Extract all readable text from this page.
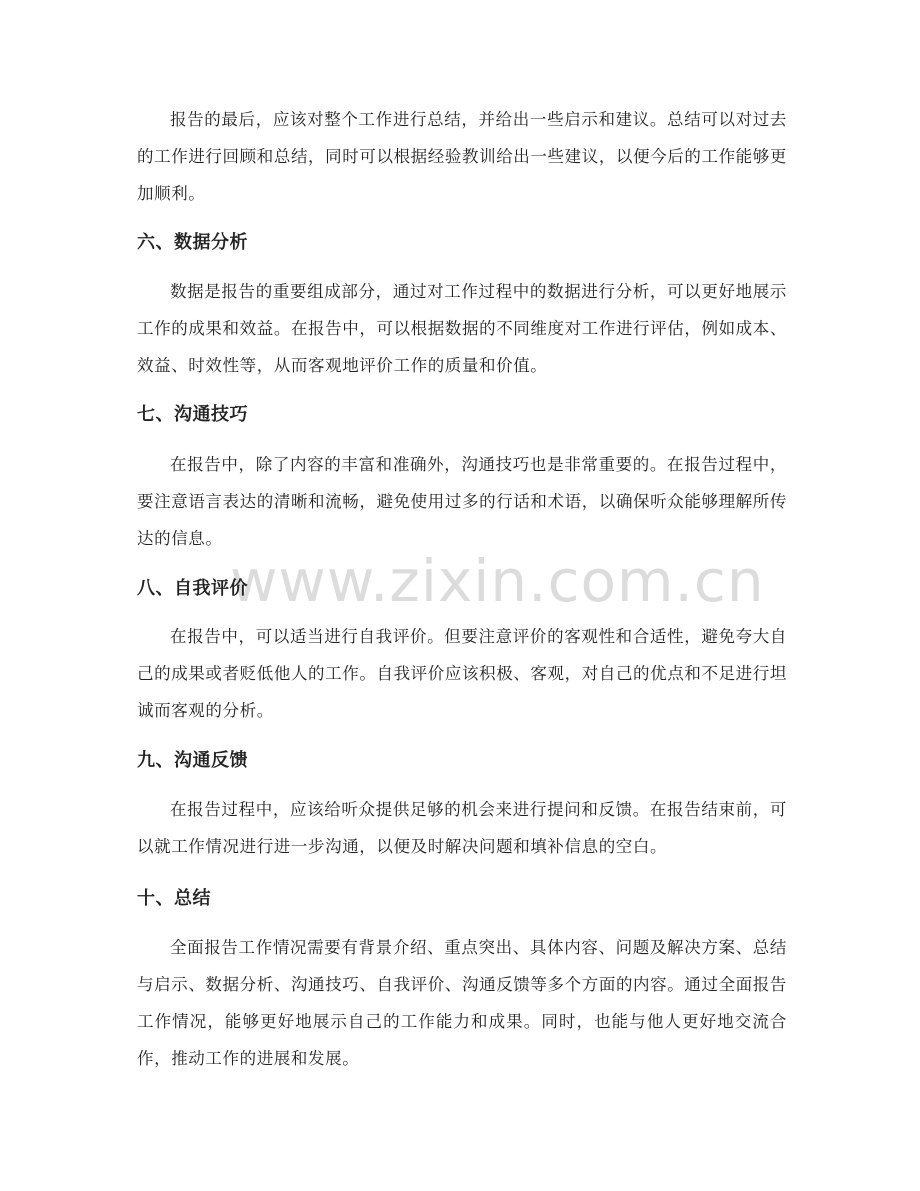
报告的最后，应该对整个工作进行总结，并给出一些启示和建议。总结可以对过去的工作进行回顾和总结，同时可以根据经验教训给出一些建议，以便今后的工作能够更加顺利。

六、数据分析

数据是报告的重要组成部分，通过对工作过程中的数据进行分析，可以更好地展示工作的成果和效益。在报告中，可以根据数据的不同维度对工作进行评估，例如成本、效益、时效性等，从而客观地评价工作的质量和价值。

七、沟通技巧

在报告中，除了内容的丰富和准确外，沟通技巧也是非常重要的。在报告过程中，要注意语言表达的清晰和流畅，避免使用过多的行话和术语，以确保听众能够理解所传达的信息。

www.zixin.com.cn
八、自我评价

在报告中，可以适当进行自我评价。但要注意评价的客观性和合适性，避免夸大自己的成果或者贬低他人的工作。自我评价应该积极、客观，对自己的优点和不足进行坦诚而客观的分析。

九、沟通反馈

在报告过程中，应该给听众提供足够的机会来进行提问和反馈。在报告结束前，可以就工作情况进行进一步沟通，以便及时解决问题和填补信息的空白。

十、总结

全面报告工作情况需要有背景介绍、重点突出、具体内容、问题及解决方案、总结与启示、数据分析、沟通技巧、自我评价、沟通反馈等多个方面的内容。通过全面报告工作情况，能够更好地展示自己的工作能力和成果。同时，也能与他人更好地交流合作，推动工作的进展和发展。
